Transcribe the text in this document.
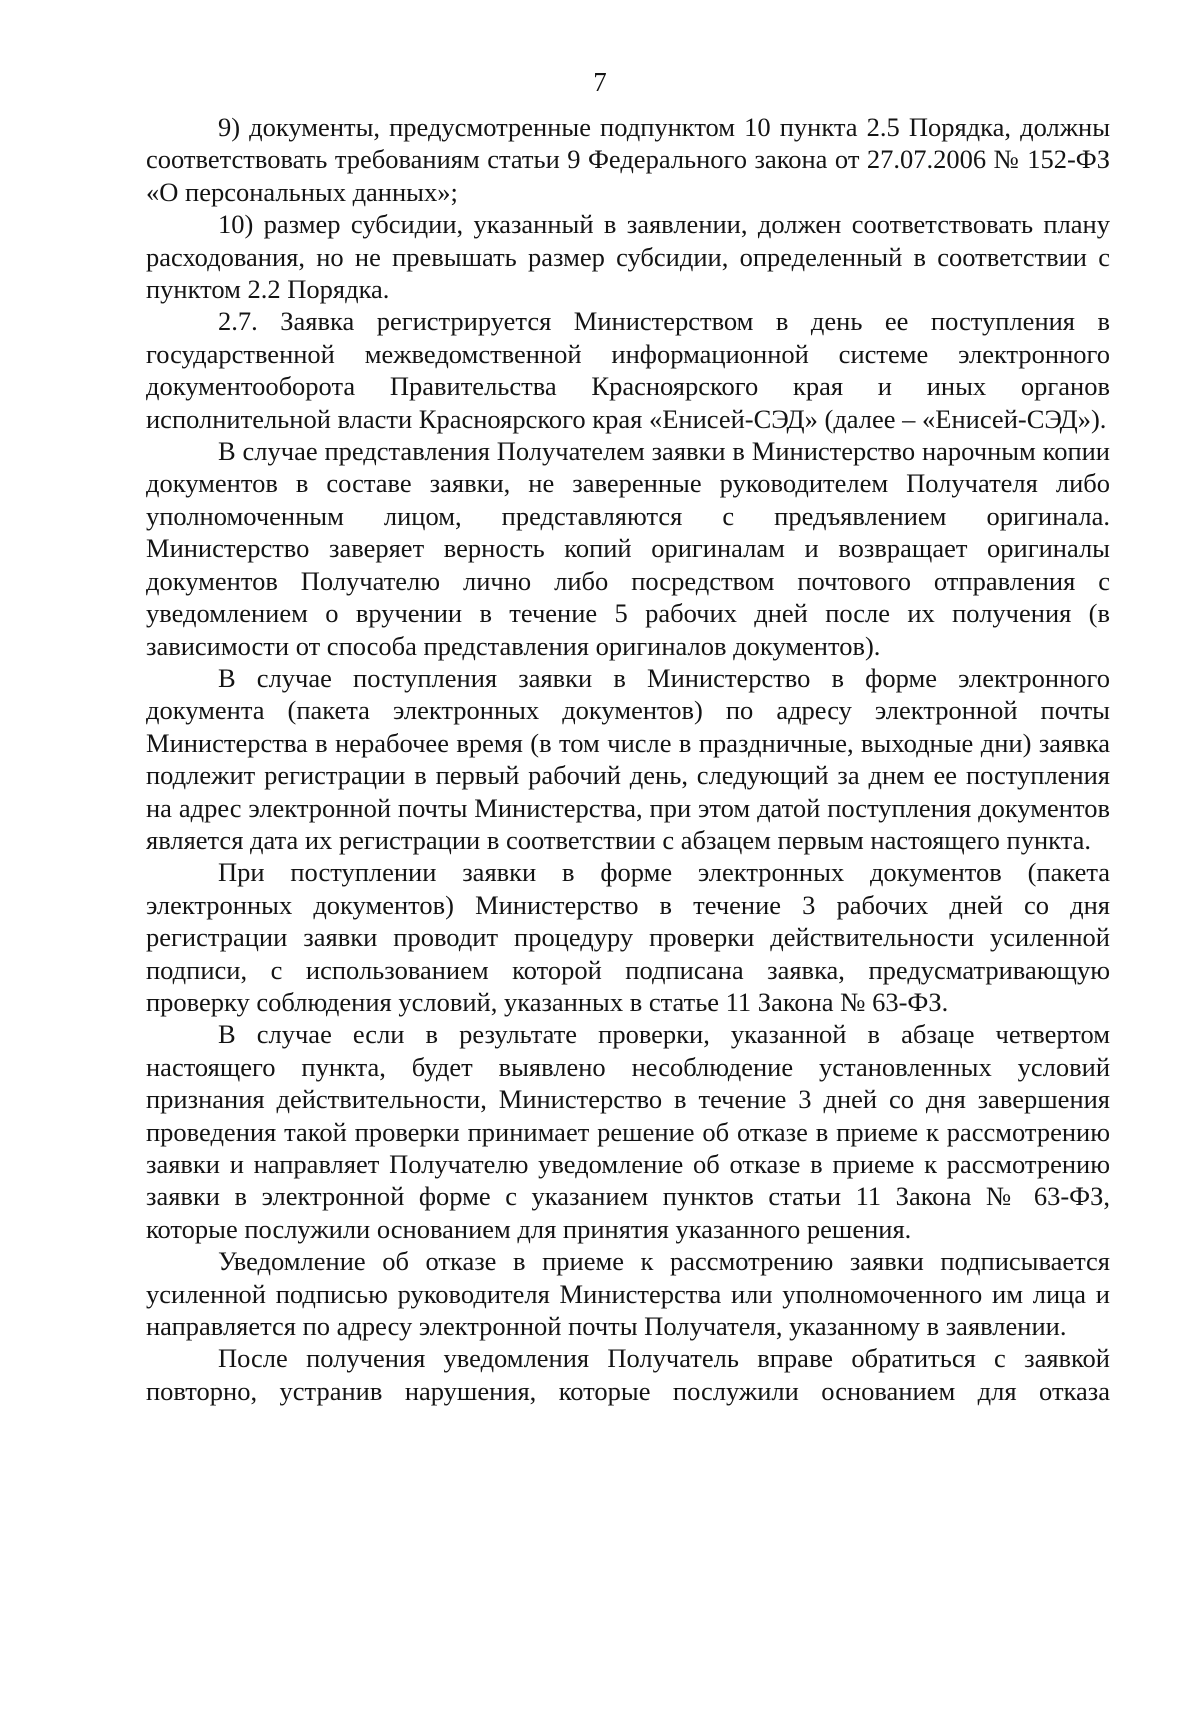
7

9) документы, предусмотренные подпунктом 10 пункта 2.5 Порядка, должны соответствовать требованиям статьи 9 Федерального закона от 27.07.2006 № 152-ФЗ «О персональных данных»;

10) размер субсидии, указанный в заявлении, должен соответствовать плану расходования, но не превышать размер субсидии, определенный в соответствии с пунктом 2.2 Порядка.

2.7. Заявка регистрируется Министерством в день ее поступления в государственной межведомственной информационной системе электронного документооборота Правительства Красноярского края и иных органов исполнительной власти Красноярского края «Енисей-СЭД» (далее – «Енисей-СЭД»).

В случае представления Получателем заявки в Министерство нарочным копии документов в составе заявки, не заверенные руководителем Получателя либо уполномоченным лицом, представляются с предъявлением оригинала. Министерство заверяет верность копий оригиналам и возвращает оригиналы документов Получателю лично либо посредством почтового отправления с уведомлением о вручении в течение 5 рабочих дней после их получения (в зависимости от способа представления оригиналов документов).

В случае поступления заявки в Министерство в форме электронного документа (пакета электронных документов) по адресу электронной почты Министерства в нерабочее время (в том числе в праздничные, выходные дни) заявка подлежит регистрации в первый рабочий день, следующий за днем ее поступления на адрес электронной почты Министерства, при этом датой поступления документов является дата их регистрации в соответствии с абзацем первым настоящего пункта.

При поступлении заявки в форме электронных документов (пакета электронных документов) Министерство в течение 3 рабочих дней со дня регистрации заявки проводит процедуру проверки действительности усиленной подписи, с использованием которой подписана заявка, предусматривающую проверку соблюдения условий, указанных в статье 11 Закона № 63-ФЗ.

В случае если в результате проверки, указанной в абзаце четвертом настоящего пункта, будет выявлено несоблюдение установленных условий признания действительности, Министерство в течение 3 дней со дня завершения проведения такой проверки принимает решение об отказе в приеме к рассмотрению заявки и направляет Получателю уведомление об отказе в приеме к рассмотрению заявки в электронной форме с указанием пунктов статьи 11 Закона № 63-ФЗ, которые послужили основанием для принятия указанного решения.

Уведомление об отказе в приеме к рассмотрению заявки подписывается усиленной подписью руководителя Министерства или уполномоченного им лица и направляется по адресу электронной почты Получателя, указанному в заявлении.

После получения уведомления Получатель вправе обратиться с заявкой повторно, устранив нарушения, которые послужили основанием для отказа
